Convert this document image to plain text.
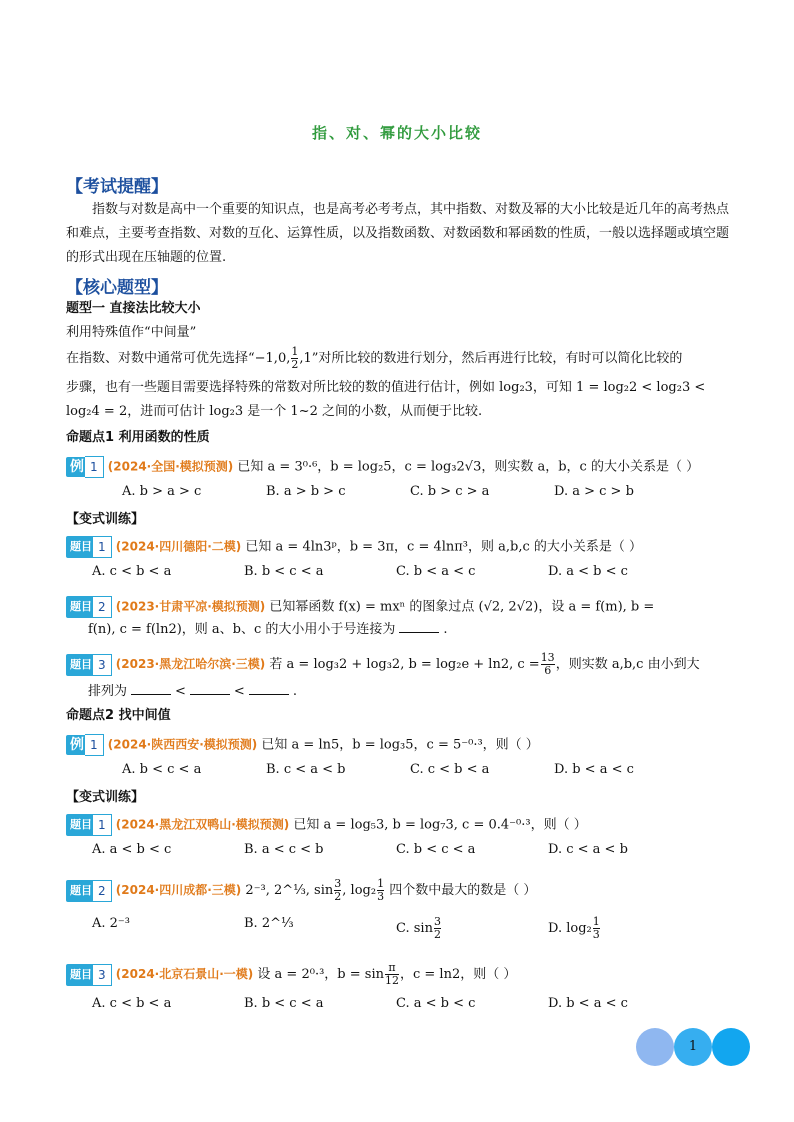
指、对、幂的大小比较
【考试提醒】
指数与对数是高中一个重要的知识点，也是高考必考考点，其中指数、对数及幂的大小比较是近几年的高考热点和难点，主要考查指数、对数的互化、运算性质，以及指数函数、对数函数和幂函数的性质，一般以选择题或填空题的形式出现在压轴题的位置.
【核心题型】
题型一 直接法比较大小
利用特殊值作“中间量”
在指数、对数中通常可优先选择“−1,0, $\frac{1}{2} ,1$”对所比较的数进行划分，然后再进行比较，有时可以简化比较的
步骤，也有一些题目需要选择特殊的常数对所比较的数的值进行估计，例如 log₂3，可知 1 = log₂2 < log₂3 <
log₂4 = 2，进而可估计 log₂3 是一个 1~2 之间的小数，从而便于比较.
命题点1 利用函数的性质
例 1 (2024·全国·模拟预测) 已知 a = 3⁰·⁶，b = log₂5，c = log₃2√3，则实数 a，b，c 的大小关系是（ ）
A. b > a > c	B. a > b > c	C. b > c > a	D. a > c > b
【变式训练】
题目 1 (2024·四川德阳·二模) 已知 a = 4ln3ᵖ，b = 3π，c = 4lnπ³，则 a,b,c 的大小关系是（ ）
A. c < b < a	B. b < c < a	C. b < a < c	D. a < b < c
题目 2 (2023·甘肃平凉·模拟预测) 已知幂函数 f(x) = mxⁿ 的图象过点 (√2, 2√2)，设 a = f(m), b =
f(n), c = f(ln2)，则 a、b、c 的大小用小于号连接为	.
题目 3 (2023·黑龙江哈尔滨·三模) 若 a = log₃2 + log₃2, b = log₂e + ln2, $c = \frac{13}{6}$ ，则实数 a,b,c 由小到大
排列为	<	<	.
命题点2 找中间值
例 1 (2024·陕西西安·模拟预测) 已知 a = ln5，b = log₃5，c = 5⁻⁰·³，则（ ）
A. b < c < a	B. c < a < b	C. c < b < a	D. b < a < c
【变式训练】
题目 1 (2024·黑龙江双鸭山·模拟预测) 已知 a = log₅3, b = log₇3, c = 0.4⁻⁰·³，则（ ）
A. a < b < c	B. a < c < b	C. b < c < a	D. c < a < b
题目 2 (2024·四川成都·三模) 2⁻³, 2^⅓, $\sin \frac{3}{2}$ , $\log_2 \frac{1}{3}$ 四个数中最大的数是（ ）
A. 2⁻³	B. 2^⅓	C. $\sin \frac{3}{2}$	D. $\log_2 \frac{1}{3}$
题目 3 (2024·北京石景山·一模) 设 a = 2⁰·³，$b = \sin \frac{\pi}{12}$ ，c = ln2，则（ ）
A. c < b < a	B. b < c < a	C. a < b < c	D. b < a < c
1
